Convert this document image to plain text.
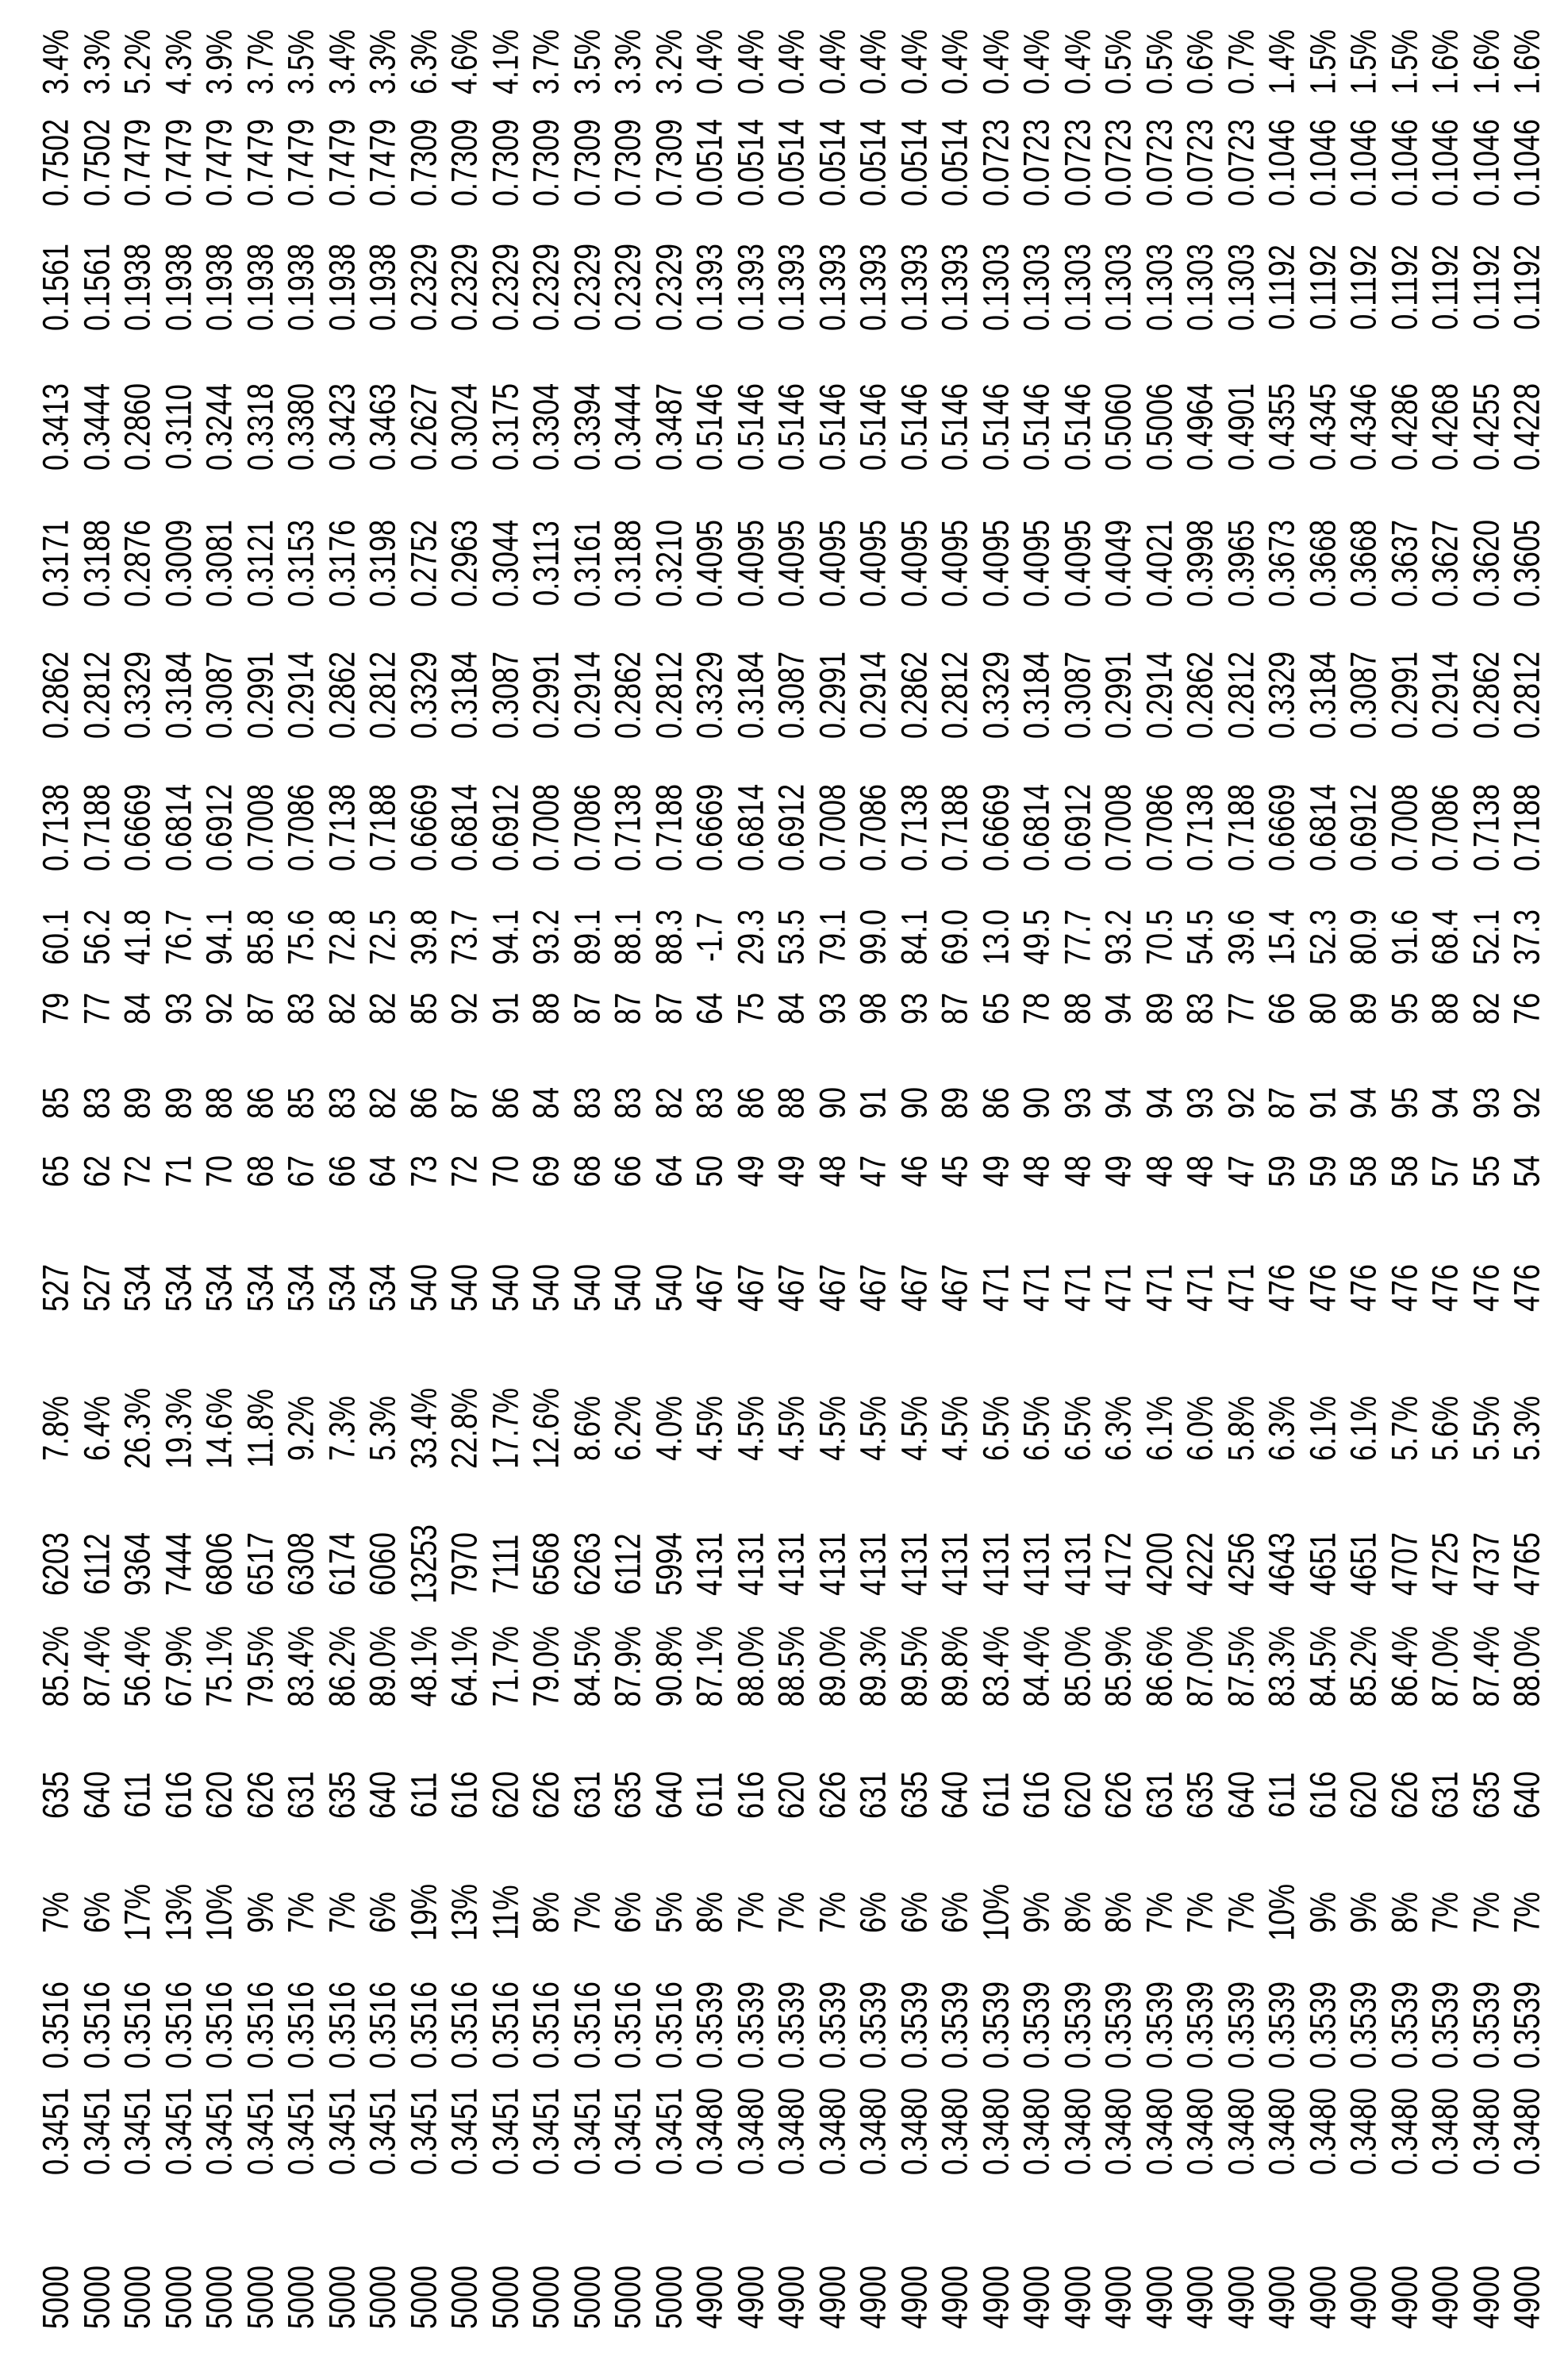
5000
0.3451
0.3516
7%
635
85.2%
6203
7.8%
527
65
85
79
60.1
0.7138
0.2862
0.3171
0.3413
0.1561
0.7502
3.4%
5000
0.3451
0.3516
6%
640
87.4%
6112
6.4%
527
62
83
77
56.2
0.7188
0.2812
0.3188
0.3444
0.1561
0.7502
3.3%
5000
0.3451
0.3516
17%
611
56.4%
9364
26.3%
534
72
89
84
41.8
0.6669
0.3329
0.2876
0.2860
0.1938
0.7479
5.2%
5000
0.3451
0.3516
13%
616
67.9%
7444
19.3%
534
71
89
93
76.7
0.6814
0.3184
0.3009
0.3110
0.1938
0.7479
4.3%
5000
0.3451
0.3516
10%
620
75.1%
6806
14.6%
534
70
88
92
94.1
0.6912
0.3087
0.3081
0.3244
0.1938
0.7479
3.9%
5000
0.3451
0.3516
9%
626
79.5%
6517
11.8%
534
68
86
87
85.8
0.7008
0.2991
0.3121
0.3318
0.1938
0.7479
3.7%
5000
0.3451
0.3516
7%
631
83.4%
6308
9.2%
534
67
85
83
75.6
0.7086
0.2914
0.3153
0.3380
0.1938
0.7479
3.5%
5000
0.3451
0.3516
7%
635
86.2%
6174
7.3%
534
66
83
82
72.8
0.7138
0.2862
0.3176
0.3423
0.1938
0.7479
3.4%
5000
0.3451
0.3516
6%
640
89.0%
6060
5.3%
534
64
82
82
72.5
0.7188
0.2812
0.3198
0.3463
0.1938
0.7479
3.3%
5000
0.3451
0.3516
19%
611
48.1%
13253
33.4%
540
73
86
85
39.8
0.6669
0.3329
0.2752
0.2627
0.2329
0.7309
6.3%
5000
0.3451
0.3516
13%
616
64.1%
7970
22.8%
540
72
87
92
73.7
0.6814
0.3184
0.2963
0.3024
0.2329
0.7309
4.6%
5000
0.3451
0.3516
11%
620
71.7%
7111
17.7%
540
70
86
91
94.1
0.6912
0.3087
0.3044
0.3175
0.2329
0.7309
4.1%
5000
0.3451
0.3516
8%
626
79.0%
6568
12.6%
540
69
84
88
93.2
0.7008
0.2991
0.3113
0.3304
0.2329
0.7309
3.7%
5000
0.3451
0.3516
7%
631
84.5%
6263
8.6%
540
68
83
87
89.1
0.7086
0.2914
0.3161
0.3394
0.2329
0.7309
3.5%
5000
0.3451
0.3516
6%
635
87.9%
6112
6.2%
540
66
83
87
88.1
0.7138
0.2862
0.3188
0.3444
0.2329
0.7309
3.3%
5000
0.3451
0.3516
5%
640
90.8%
5994
4.0%
540
64
82
87
88.3
0.7188
0.2812
0.3210
0.3487
0.2329
0.7309
3.2%
4900
0.3480
0.3539
8%
611
87.1%
4131
4.5%
467
50
83
64
-1.7
0.6669
0.3329
0.4095
0.5146
0.1393
0.0514
0.4%
4900
0.3480
0.3539
7%
616
88.0%
4131
4.5%
467
49
86
75
29.3
0.6814
0.3184
0.4095
0.5146
0.1393
0.0514
0.4%
4900
0.3480
0.3539
7%
620
88.5%
4131
4.5%
467
49
88
84
53.5
0.6912
0.3087
0.4095
0.5146
0.1393
0.0514
0.4%
4900
0.3480
0.3539
7%
626
89.0%
4131
4.5%
467
48
90
93
79.1
0.7008
0.2991
0.4095
0.5146
0.1393
0.0514
0.4%
4900
0.3480
0.3539
6%
631
89.3%
4131
4.5%
467
47
91
98
99.0
0.7086
0.2914
0.4095
0.5146
0.1393
0.0514
0.4%
4900
0.3480
0.3539
6%
635
89.5%
4131
4.5%
467
46
90
93
84.1
0.7138
0.2862
0.4095
0.5146
0.1393
0.0514
0.4%
4900
0.3480
0.3539
6%
640
89.8%
4131
4.5%
467
45
89
87
69.0
0.7188
0.2812
0.4095
0.5146
0.1393
0.0514
0.4%
4900
0.3480
0.3539
10%
611
83.4%
4131
6.5%
471
49
86
65
13.0
0.6669
0.3329
0.4095
0.5146
0.1303
0.0723
0.4%
4900
0.3480
0.3539
9%
616
84.4%
4131
6.5%
471
48
90
78
49.5
0.6814
0.3184
0.4095
0.5146
0.1303
0.0723
0.4%
4900
0.3480
0.3539
8%
620
85.0%
4131
6.5%
471
48
93
88
77.7
0.6912
0.3087
0.4095
0.5146
0.1303
0.0723
0.4%
4900
0.3480
0.3539
8%
626
85.9%
4172
6.3%
471
49
94
94
93.2
0.7008
0.2991
0.4049
0.5060
0.1303
0.0723
0.5%
4900
0.3480
0.3539
7%
631
86.6%
4200
6.1%
471
48
94
89
70.5
0.7086
0.2914
0.4021
0.5006
0.1303
0.0723
0.5%
4900
0.3480
0.3539
7%
635
87.0%
4222
6.0%
471
48
93
83
54.5
0.7138
0.2862
0.3998
0.4964
0.1303
0.0723
0.6%
4900
0.3480
0.3539
7%
640
87.5%
4256
5.8%
471
47
92
77
39.6
0.7188
0.2812
0.3965
0.4901
0.1303
0.0723
0.7%
4900
0.3480
0.3539
10%
611
83.3%
4643
6.3%
476
59
87
66
15.4
0.6669
0.3329
0.3673
0.4355
0.1192
0.1046
1.4%
4900
0.3480
0.3539
9%
616
84.5%
4651
6.1%
476
59
91
80
52.3
0.6814
0.3184
0.3668
0.4345
0.1192
0.1046
1.5%
4900
0.3480
0.3539
9%
620
85.2%
4651
6.1%
476
58
94
89
80.9
0.6912
0.3087
0.3668
0.4346
0.1192
0.1046
1.5%
4900
0.3480
0.3539
8%
626
86.4%
4707
5.7%
476
58
95
95
91.6
0.7008
0.2991
0.3637
0.4286
0.1192
0.1046
1.5%
4900
0.3480
0.3539
7%
631
87.0%
4725
5.6%
476
57
94
88
68.4
0.7086
0.2914
0.3627
0.4268
0.1192
0.1046
1.6%
4900
0.3480
0.3539
7%
635
87.4%
4737
5.5%
476
55
93
82
52.1
0.7138
0.2862
0.3620
0.4255
0.1192
0.1046
1.6%
4900
0.3480
0.3539
7%
640
88.0%
4765
5.3%
476
54
92
76
37.3
0.7188
0.2812
0.3605
0.4228
0.1192
0.1046
1.6%
